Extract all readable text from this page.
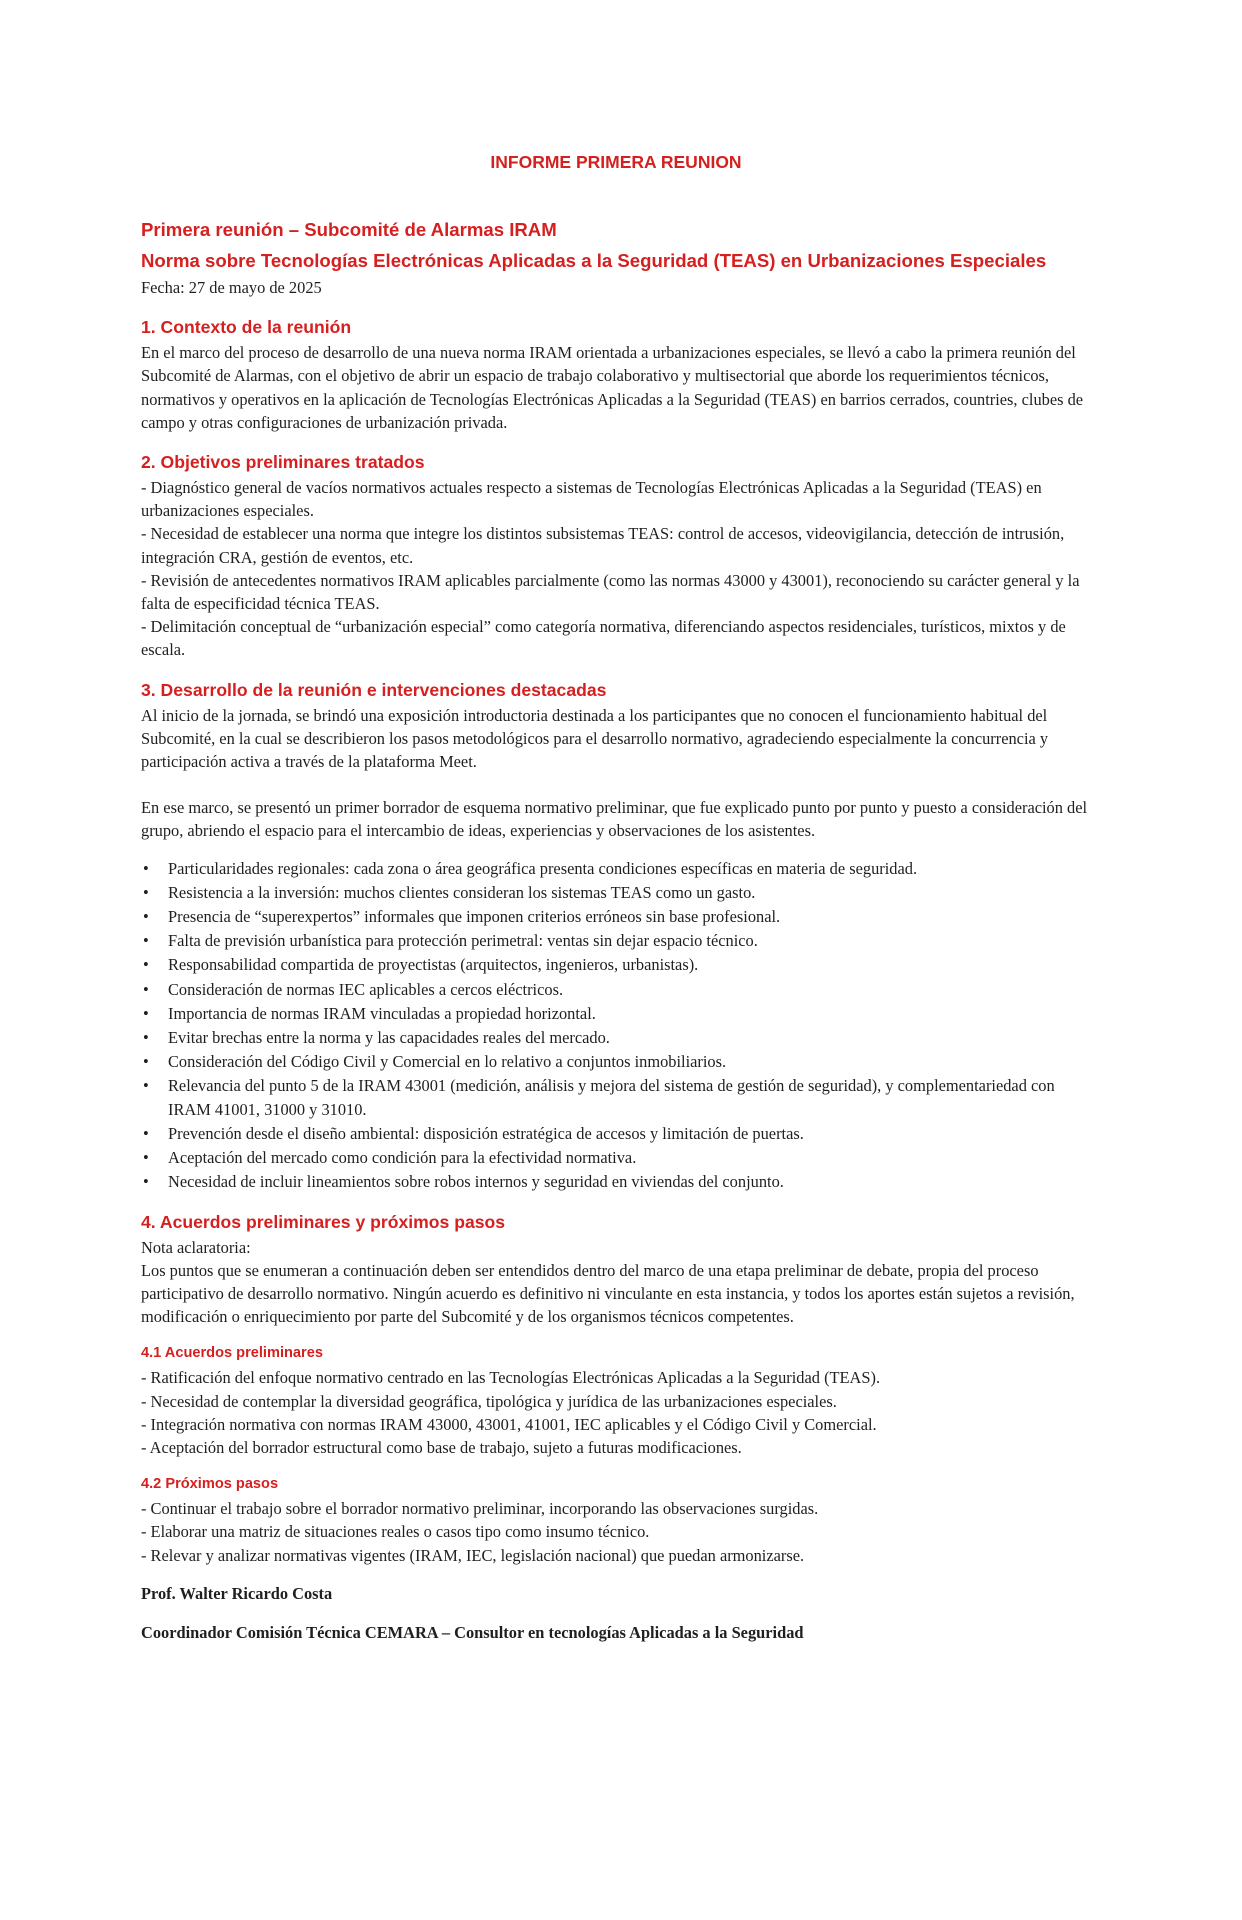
INFORME PRIMERA REUNION
Primera reunión – Subcomité de Alarmas IRAM
Norma sobre Tecnologías Electrónicas Aplicadas a la Seguridad (TEAS) en Urbanizaciones Especiales

Fecha: 27 de mayo de 2025

1. Contexto de la reunión

En el marco del proceso de desarrollo de una nueva norma IRAM orientada a urbanizaciones especiales, se llevó a cabo la primera reunión del Subcomité de Alarmas, con el objetivo de abrir un espacio de trabajo colaborativo y multisectorial que aborde los requerimientos técnicos, normativos y operativos en la aplicación de Tecnologías Electrónicas Aplicadas a la Seguridad (TEAS) en barrios cerrados, countries, clubes de campo y otras configuraciones de urbanización privada.

2. Objetivos preliminares tratados

- Diagnóstico general de vacíos normativos actuales respecto a sistemas de Tecnologías Electrónicas Aplicadas a la Seguridad (TEAS) en urbanizaciones especiales.

- Necesidad de establecer una norma que integre los distintos subsistemas TEAS: control de accesos, videovigilancia, detección de intrusión, integración CRA, gestión de eventos, etc.

- Revisión de antecedentes normativos IRAM aplicables parcialmente (como las normas 43000 y 43001), reconociendo su carácter general y la falta de especificidad técnica TEAS.

- Delimitación conceptual de “urbanización especial” como categoría normativa, diferenciando aspectos residenciales, turísticos, mixtos y de escala.

3. Desarrollo de la reunión e intervenciones destacadas

Al inicio de la jornada, se brindó una exposición introductoria destinada a los participantes que no conocen el funcionamiento habitual del Subcomité, en la cual se describieron los pasos metodológicos para el desarrollo normativo, agradeciendo especialmente la concurrencia y participación activa a través de la plataforma Meet.

En ese marco, se presentó un primer borrador de esquema normativo preliminar, que fue explicado punto por punto y puesto a consideración del grupo, abriendo el espacio para el intercambio de ideas, experiencias y observaciones de los asistentes.

• Particularidades regionales: cada zona o área geográfica presenta condiciones específicas en materia de seguridad.
• Resistencia a la inversión: muchos clientes consideran los sistemas TEAS como un gasto.
• Presencia de “superexpertos” informales que imponen criterios erróneos sin base profesional.
• Falta de previsión urbanística para protección perimetral: ventas sin dejar espacio técnico.
• Responsabilidad compartida de proyectistas (arquitectos, ingenieros, urbanistas).
• Consideración de normas IEC aplicables a cercos eléctricos.
• Importancia de normas IRAM vinculadas a propiedad horizontal.
• Evitar brechas entre la norma y las capacidades reales del mercado.
• Consideración del Código Civil y Comercial en lo relativo a conjuntos inmobiliarios.
• Relevancia del punto 5 de la IRAM 43001 (medición, análisis y mejora del sistema de gestión de seguridad), y complementariedad con IRAM 41001, 31000 y 31010.
• Prevención desde el diseño ambiental: disposición estratégica de accesos y limitación de puertas.
• Aceptación del mercado como condición para la efectividad normativa.
• Necesidad de incluir lineamientos sobre robos internos y seguridad en viviendas del conjunto.
4. Acuerdos preliminares y próximos pasos

Nota aclaratoria:

Los puntos que se enumeran a continuación deben ser entendidos dentro del marco de una etapa preliminar de debate, propia del proceso participativo de desarrollo normativo. Ningún acuerdo es definitivo ni vinculante en esta instancia, y todos los aportes están sujetos a revisión, modificación o enriquecimiento por parte del Subcomité y de los organismos técnicos competentes.

4.1 Acuerdos preliminares

- Ratificación del enfoque normativo centrado en las Tecnologías Electrónicas Aplicadas a la Seguridad (TEAS).

- Necesidad de contemplar la diversidad geográfica, tipológica y jurídica de las urbanizaciones especiales.

- Integración normativa con normas IRAM 43000, 43001, 41001, IEC aplicables y el Código Civil y Comercial.

- Aceptación del borrador estructural como base de trabajo, sujeto a futuras modificaciones.

4.2 Próximos pasos

- Continuar el trabajo sobre el borrador normativo preliminar, incorporando las observaciones surgidas.

- Elaborar una matriz de situaciones reales o casos tipo como insumo técnico.

- Relevar y analizar normativas vigentes (IRAM, IEC, legislación nacional) que puedan armonizarse.

Prof. Walter Ricardo Costa

Coordinador Comisión Técnica CEMARA – Consultor en tecnologías Aplicadas a la Seguridad
